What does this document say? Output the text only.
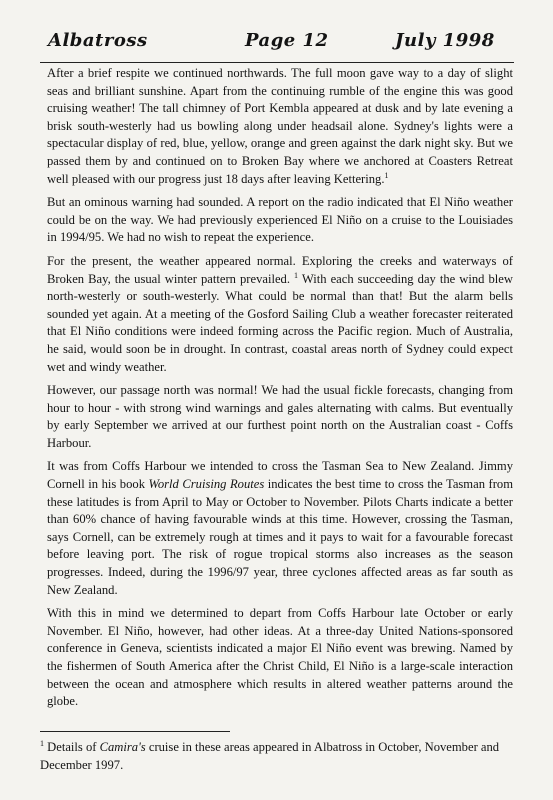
Albatross	Page 12	July 1998

After a brief respite we continued northwards. The full moon gave way to a day of slight seas and brilliant sunshine. Apart from the continuing rumble of the engine this was good cruising weather! The tall chimney of Port Kembla appeared at dusk and by late evening a brisk south-westerly had us bowling along under headsail alone. Sydney's lights were a spectacular display of red, blue, yellow, orange and green against the dark night sky. But we passed them by and continued on to Broken Bay where we anchored at Coasters Retreat well pleased with our progress just 18 days after leaving Kettering.$^1$

But an ominous warning had sounded. A report on the radio indicated that El Niño weather could be on the way. We had previously experienced El Niño on a cruise to the Louisiades in 1994/95. We had no wish to repeat the experience.

For the present, the weather appeared normal. Exploring the creeks and waterways of Broken Bay, the usual winter pattern prevailed. $^1$ With each succeeding day the wind blew north-westerly or south-westerly. What could be normal than that! But the alarm bells sounded yet again. At a meeting of the Gosford Sailing Club a weather forecaster reiterated that El Niño conditions were indeed forming across the Pacific region. Much of Australia, he said, would soon be in drought. In contrast, coastal areas north of Sydney could expect wet and windy weather.

However, our passage north was normal! We had the usual fickle forecasts, changing from hour to hour - with strong wind warnings and gales alternating with calms. But eventually by early September we arrived at our furthest point north on the Australian coast - Coffs Harbour.

It was from Coffs Harbour we intended to cross the Tasman Sea to New Zealand. Jimmy Cornell in his book World Cruising Routes indicates the best time to cross the Tasman from these latitudes is from April to May or October to November. Pilots Charts indicate a better than 60% chance of having favourable winds at this time. However, crossing the Tasman, says Cornell, can be extremely rough at times and it pays to wait for a favourable forecast before leaving port. The risk of rogue tropical storms also increases as the season progresses. Indeed, during the 1996/97 year, three cyclones affected areas as far south as New Zealand.

With this in mind we determined to depart from Coffs Harbour late October or early November. El Niño, however, had other ideas. At a three-day United Nations-sponsored conference in Geneva, scientists indicated a major El Niño event was brewing. Named by the fishermen of South America after the Christ Child, El Niño is a large-scale interaction between the ocean and atmosphere which results in altered weather patterns around the globe.

$^1$ Details of Camira's cruise in these areas appeared in Albatross in October, November and December 1997.
